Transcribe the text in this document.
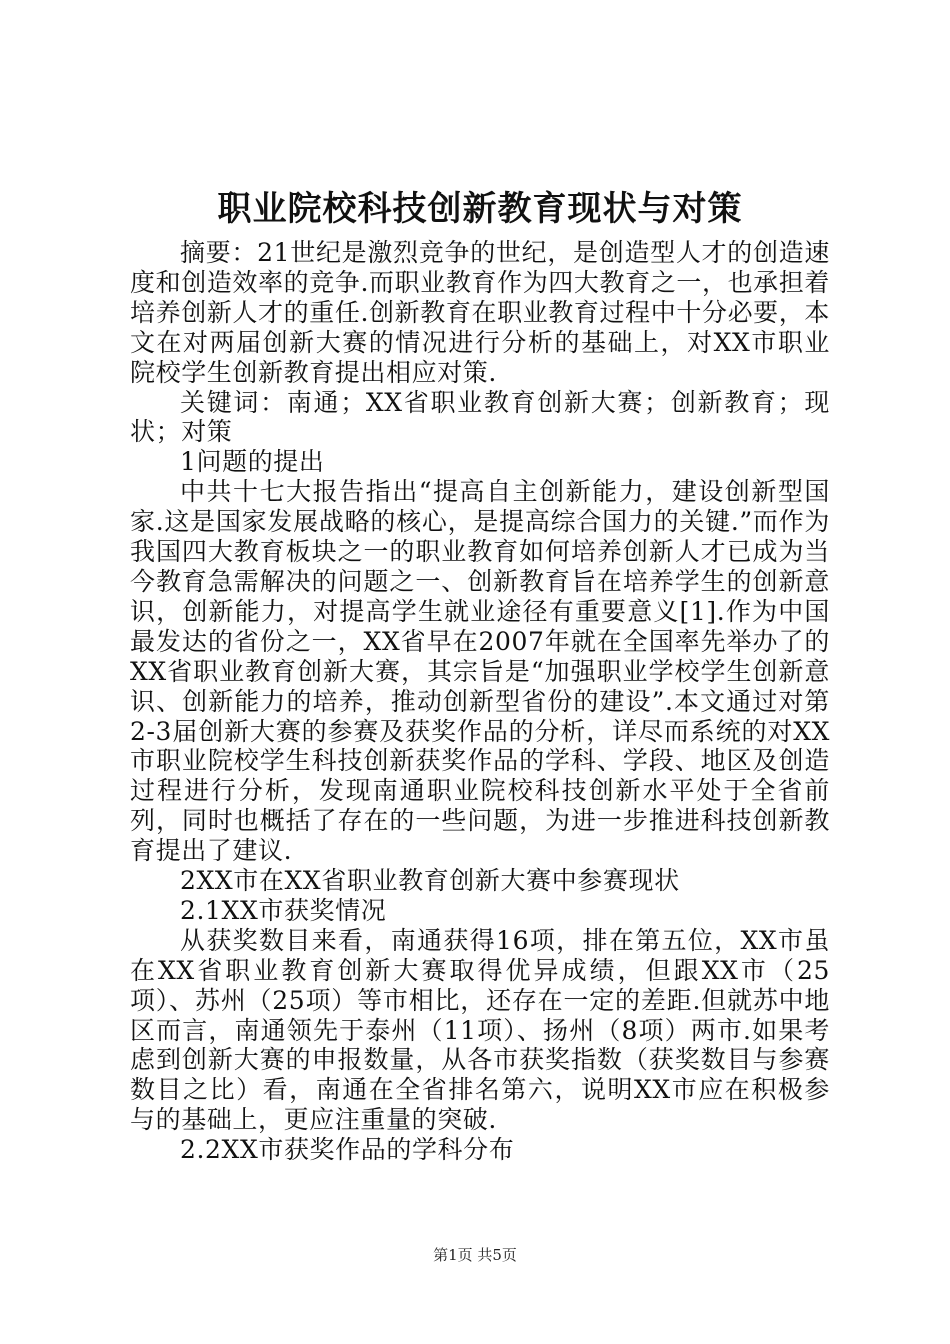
职业院校科技创新教育现状与对策

摘要：21世纪是激烈竞争的世纪，是创造型人才的创造速度和创造效率的竞争.而职业教育作为四大教育之一，也承担着培养创新人才的重任.创新教育在职业教育过程中十分必要，本文在对两届创新大赛的情况进行分析的基础上，对XX市职业院校学生创新教育提出相应对策.

关键词：南通；XX省职业教育创新大赛；创新教育；现状；对策

1问题的提出

中共十七大报告指出“提高自主创新能力，建设创新型国家.这是国家发展战略的核心，是提高综合国力的关键.”而作为我国四大教育板块之一的职业教育如何培养创新人才已成为当今教育急需解决的问题之一、创新教育旨在培养学生的创新意识，创新能力，对提高学生就业途径有重要意义[1].作为中国最发达的省份之一，XX省早在2007年就在全国率先举办了的XX省职业教育创新大赛，其宗旨是“加强职业学校学生创新意识、创新能力的培养，推动创新型省份的建设”.本文通过对第2-3届创新大赛的参赛及获奖作品的分析，详尽而系统的对XX市职业院校学生科技创新获奖作品的学科、学段、地区及创造过程进行分析，发现南通职业院校科技创新水平处于全省前列，同时也概括了存在的一些问题，为进一步推进科技创新教育提出了建议.

2XX市在XX省职业教育创新大赛中参赛现状

2.1XX市获奖情况

从获奖数目来看，南通获得16项，排在第五位，XX市虽在XX省职业教育创新大赛取得优异成绩，但跟XX市（25项）、苏州（25项）等市相比，还存在一定的差距.但就苏中地区而言，南通领先于泰州（11项）、扬州（8项）两市.如果考虑到创新大赛的申报数量，从各市获奖指数（获奖数目与参赛数目之比）看，南通在全省排名第六，说明XX市应在积极参与的基础上，更应注重量的突破.

2.2XX市获奖作品的学科分布

第1页 共5页
